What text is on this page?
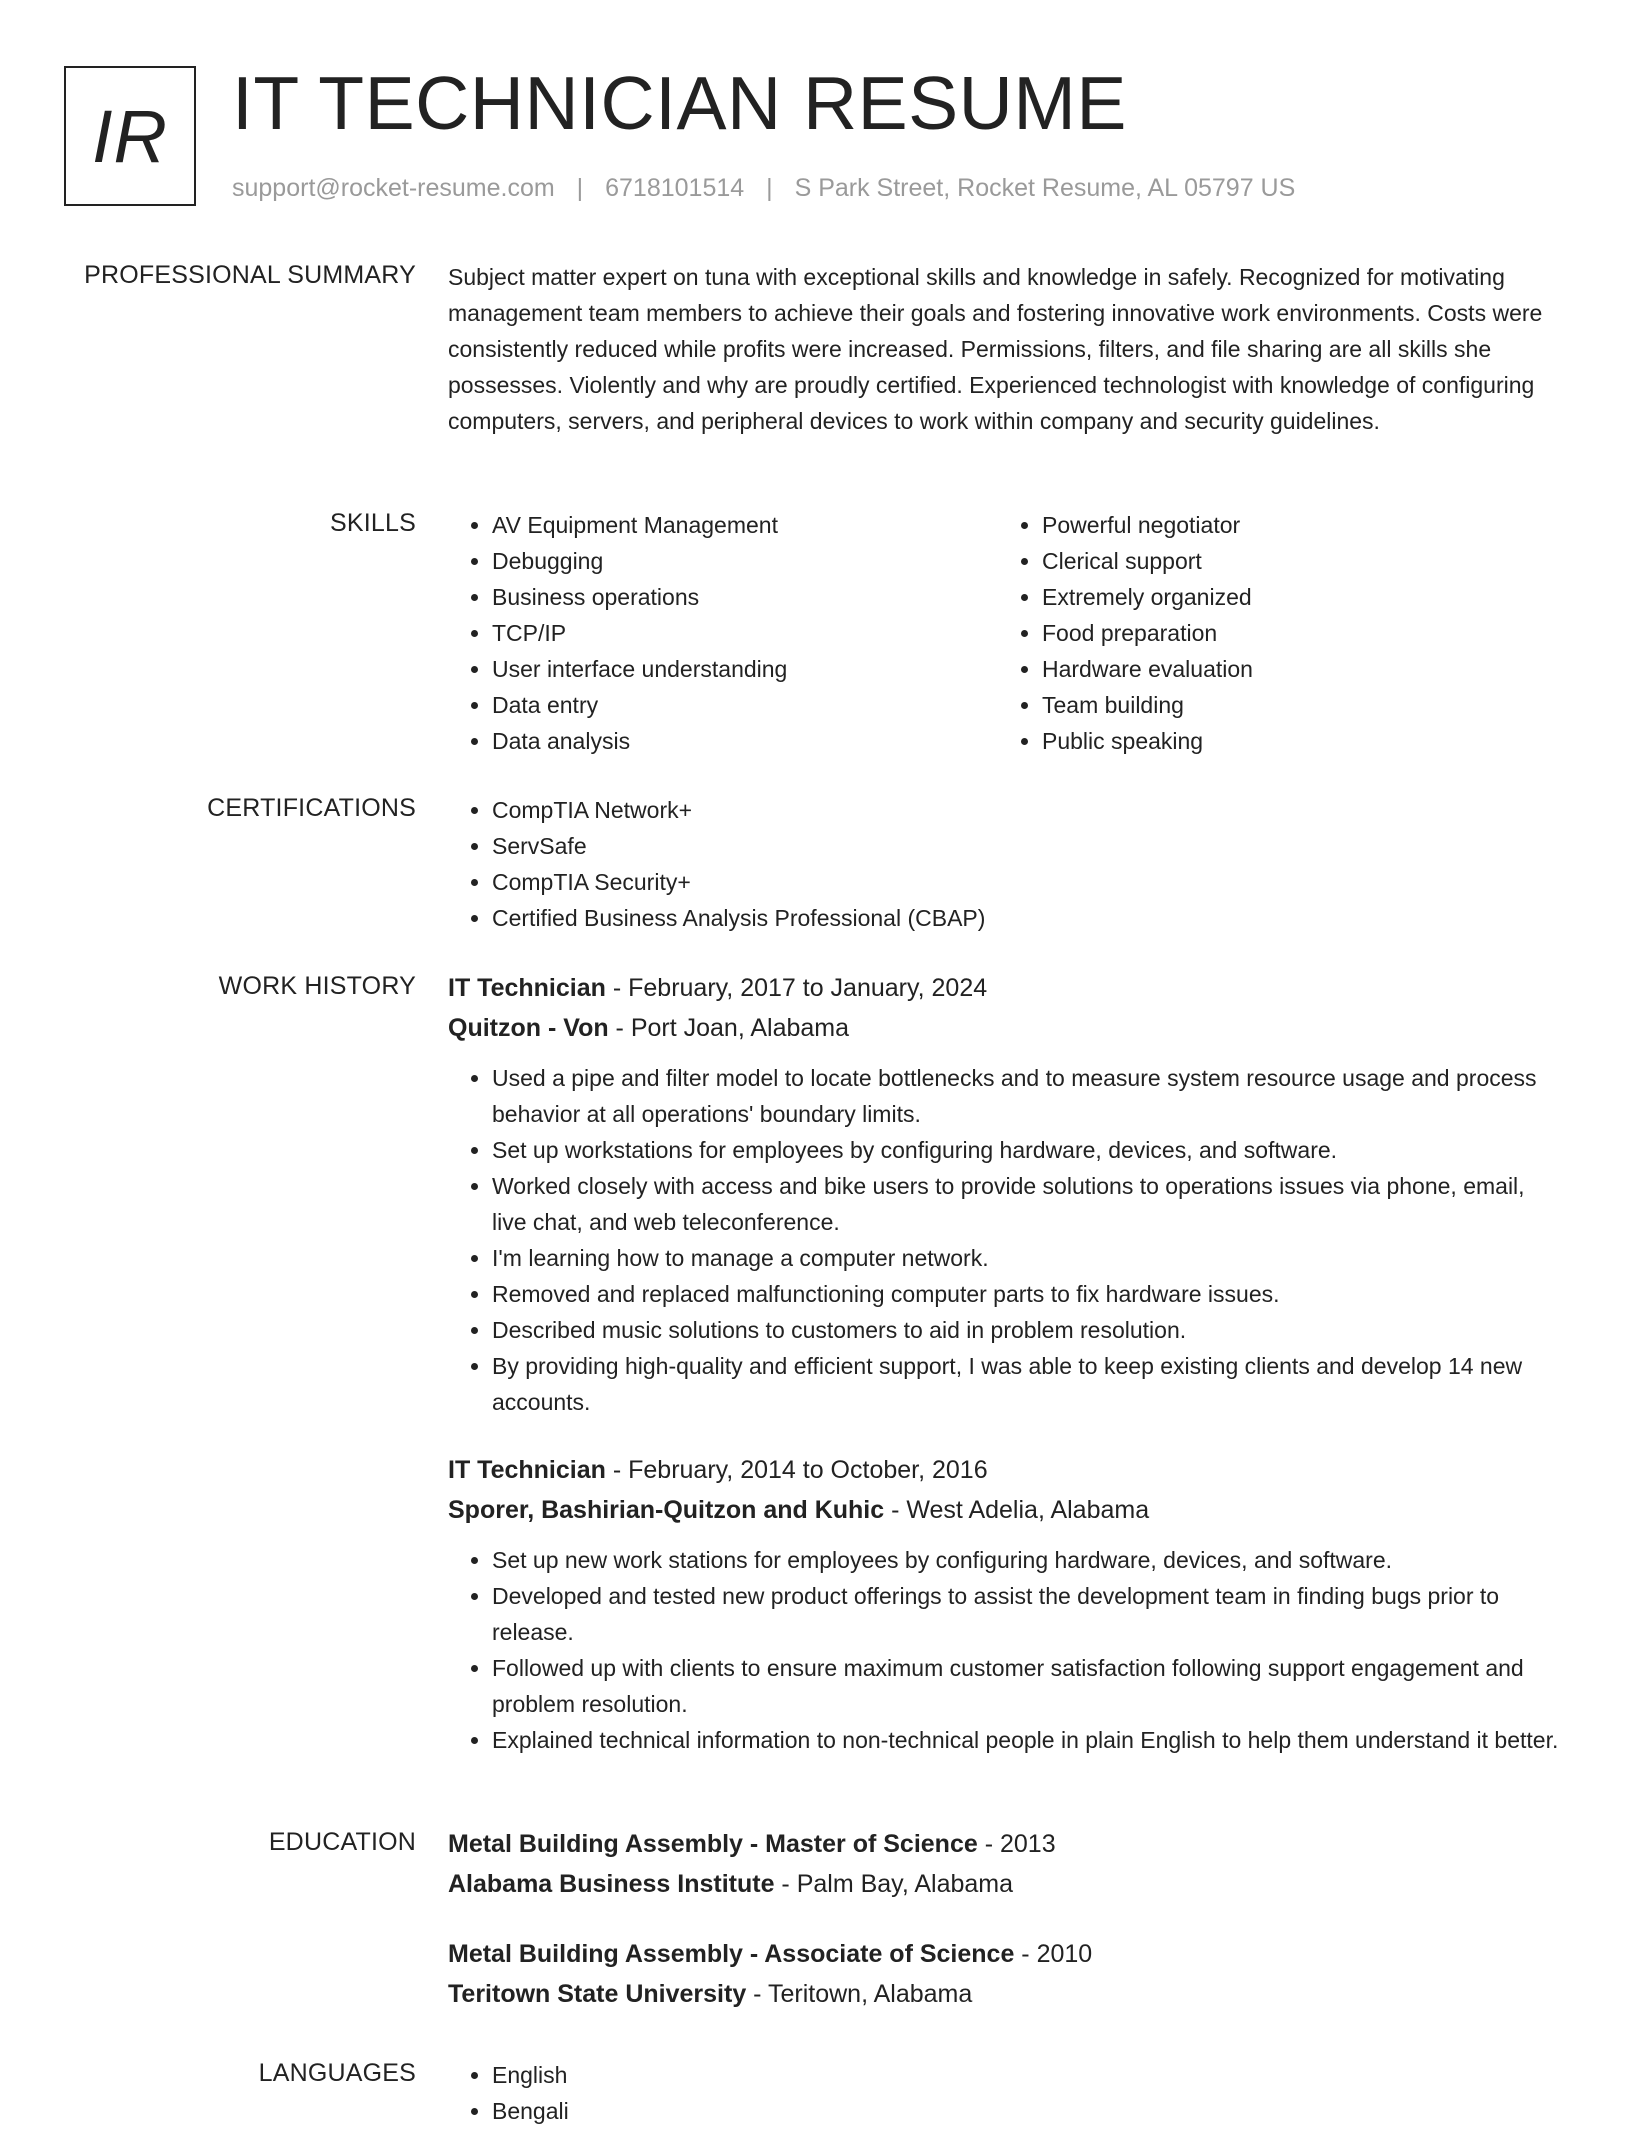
IR IT TECHNICIAN RESUME
support@rocket-resume.com | 6718101514 | S Park Street, Rocket Resume, AL 05797 US
PROFESSIONAL SUMMARY Subject matter expert on tuna with exceptional skills and knowledge in safely. Recognized for motivating management team members to achieve their goals and fostering innovative work environments. Costs were consistently reduced while profits were increased. Permissions, filters, and file sharing are all skills she possesses. Violently and why are proudly certified. Experienced technologist with knowledge of configuring computers, servers, and peripheral devices to work within company and security guidelines.

SKILLS	• AV Equipment Management
• Debugging
• Business operations
• TCP/IP
• User interface understanding
• Data entry
• Data analysis
• Powerful negotiator
• Clerical support
• Extremely organized
• Food preparation
• Hardware evaluation
• Team building
• Public speaking
CERTIFICATIONS	• CompTIA Network+
• ServSafe
• CompTIA Security+
• Certified Business Analysis Professional (CBAP)
WORK HISTORY IT Technician - February, 2017 to January, 2024
Quitzon - Von - Port Joan, Alabama
• Used a pipe and filter model to locate bottlenecks and to measure system resource usage and process behavior at all operations' boundary limits.
• Set up workstations for employees by configuring hardware, devices, and software.
• Worked closely with access and bike users to provide solutions to operations issues via phone, email, live chat, and web teleconference.
• I'm learning how to manage a computer network.
• Removed and replaced malfunctioning computer parts to fix hardware issues.
• Described music solutions to customers to aid in problem resolution.
• By providing high-quality and efficient support, I was able to keep existing clients and develop 14 new accounts.
IT Technician - February, 2014 to October, 2016
Sporer, Bashirian-Quitzon and Kuhic - West Adelia, Alabama
• Set up new work stations for employees by configuring hardware, devices, and software.
• Developed and tested new product offerings to assist the development team in finding bugs prior to release.
• Followed up with clients to ensure maximum customer satisfaction following support engagement and problem resolution.
• Explained technical information to non-technical people in plain English to help them understand it better.
EDUCATION Metal Building Assembly - Master of Science - 2013
Alabama Business Institute - Palm Bay, Alabama
Metal Building Assembly - Associate of Science - 2010
Teritown State University - Teritown, Alabama
LANGUAGES	• English
• Bengali
